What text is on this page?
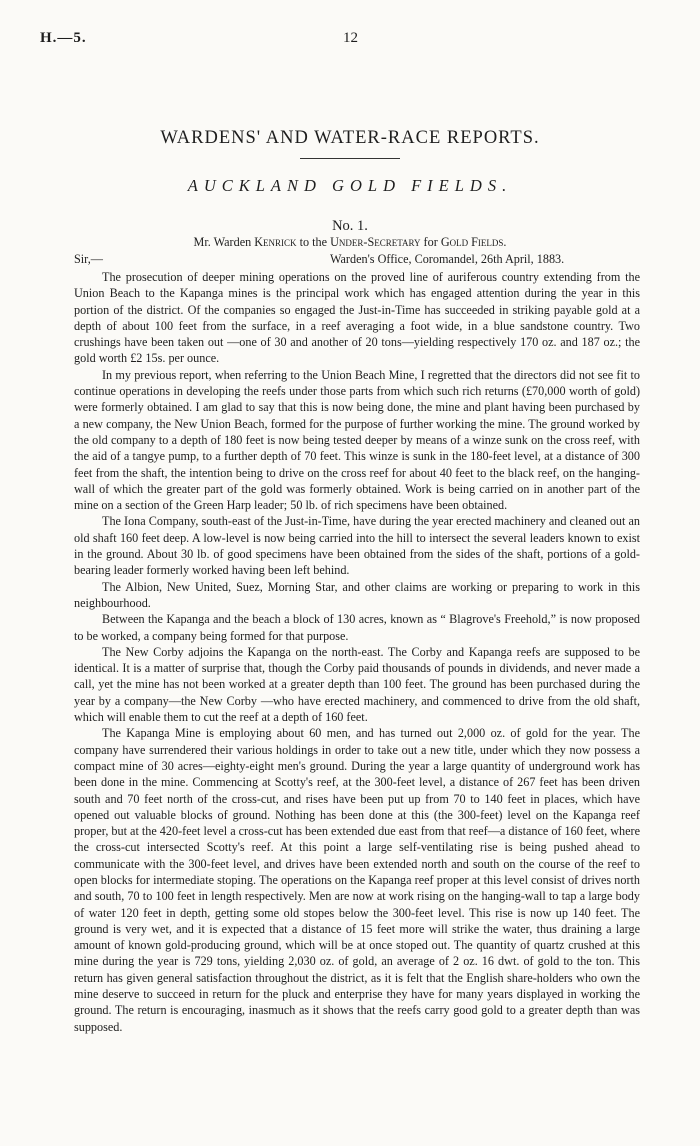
H.—5.	12
WARDENS' AND WATER-RACE REPORTS.
AUCKLAND GOLD FIELDS.
No. 1.
Mr. Warden Kenrick to the Under-Secretary for Gold Fields.
Sir,—	Warden's Office, Coromandel, 26th April, 1883.

The prosecution of deeper mining operations on the proved line of auriferous country extending from the Union Beach to the Kapanga mines is the principal work which has engaged attention during the year in this portion of the district. Of the companies so engaged the Just-in-Time has succeeded in striking payable gold at a depth of about 100 feet from the surface, in a reef averaging a foot wide, in a blue sandstone country. Two crushings have been taken out —one of 30 and another of 20 tons—yielding respectively 170 oz. and 187 oz.; the gold worth £2 15s. per ounce.

In my previous report, when referring to the Union Beach Mine, I regretted that the directors did not see fit to continue operations in developing the reefs under those parts from which such rich returns (£70,000 worth of gold) were formerly obtained. I am glad to say that this is now being done, the mine and plant having been purchased by a new company, the New Union Beach, formed for the purpose of further working the mine. The ground worked by the old company to a depth of 180 feet is now being tested deeper by means of a winze sunk on the cross reef, with the aid of a tangye pump, to a further depth of 70 feet. This winze is sunk in the 180-feet level, at a distance of 300 feet from the shaft, the intention being to drive on the cross reef for about 40 feet to the black reef, on the hanging-wall of which the greater part of the gold was formerly obtained. Work is being carried on in another part of the mine on a section of the Green Harp leader; 50 lb. of rich specimens have been obtained.

The Iona Company, south-east of the Just-in-Time, have during the year erected machinery and cleaned out an old shaft 160 feet deep. A low-level is now being carried into the hill to intersect the several leaders known to exist in the ground. About 30 lb. of good specimens have been obtained from the sides of the shaft, portions of a gold-bearing leader formerly worked having been left behind.

The Albion, New United, Suez, Morning Star, and other claims are working or preparing to work in this neighbourhood.

Between the Kapanga and the beach a block of 130 acres, known as “ Blagrove's Freehold,” is now proposed to be worked, a company being formed for that purpose.

The New Corby adjoins the Kapanga on the north-east. The Corby and Kapanga reefs are supposed to be identical. It is a matter of surprise that, though the Corby paid thousands of pounds in dividends, and never made a call, yet the mine has not been worked at a greater depth than 100 feet. The ground has been purchased during the year by a company—the New Corby —who have erected machinery, and commenced to drive from the old shaft, which will enable them to cut the reef at a depth of 160 feet.

The Kapanga Mine is employing about 60 men, and has turned out 2,000 oz. of gold for the year. The company have surrendered their various holdings in order to take out a new title, under which they now possess a compact mine of 30 acres—eighty-eight men's ground. During the year a large quantity of underground work has been done in the mine. Commencing at Scotty's reef, at the 300-feet level, a distance of 267 feet has been driven south and 70 feet north of the cross-cut, and rises have been put up from 70 to 140 feet in places, which have opened out valuable blocks of ground. Nothing has been done at this (the 300-feet) level on the Kapanga reef proper, but at the 420-feet level a cross-cut has been extended due east from that reef—a distance of 160 feet, where the cross-cut intersected Scotty's reef. At this point a large self-ventilating rise is being pushed ahead to communicate with the 300-feet level, and drives have been extended north and south on the course of the reef to open blocks for intermediate stoping. The operations on the Kapanga reef proper at this level consist of drives north and south, 70 to 100 feet in length respectively. Men are now at work rising on the hanging-wall to tap a large body of water 120 feet in depth, getting some old stopes below the 300-feet level. This rise is now up 140 feet. The ground is very wet, and it is expected that a distance of 15 feet more will strike the water, thus draining a large amount of known gold-producing ground, which will be at once stoped out. The quantity of quartz crushed at this mine during the year is 729 tons, yielding 2,030 oz. of gold, an average of 2 oz. 16 dwt. of gold to the ton. This return has given general satisfaction throughout the district, as it is felt that the English share-holders who own the mine deserve to succeed in return for the pluck and enterprise they have for many years displayed in working the ground. The return is encouraging, inasmuch as it shows that the reefs carry good gold to a greater depth than was supposed.
